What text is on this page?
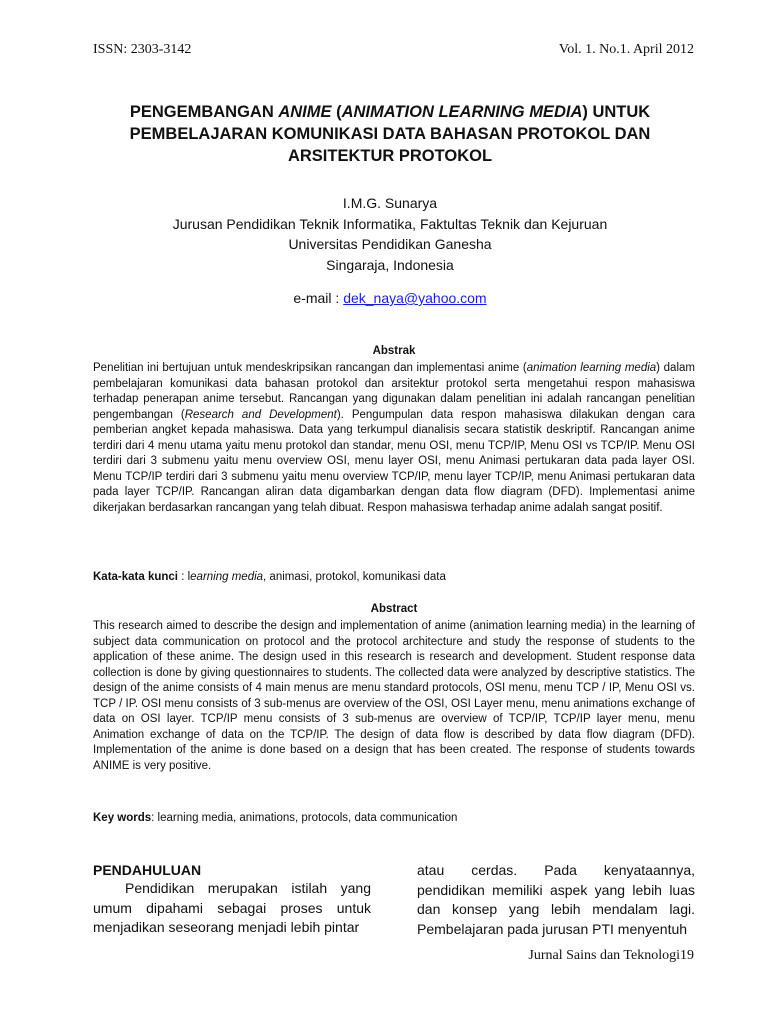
ISSN: 2303-3142	Vol. 1. No.1. April 2012
PENGEMBANGAN ANIME (ANIMATION LEARNING MEDIA) UNTUK PEMBELAJARAN KOMUNIKASI DATA BAHASAN PROTOKOL DAN ARSITEKTUR PROTOKOL
I.M.G. Sunarya
Jurusan Pendidikan Teknik Informatika, Faktultas Teknik dan Kejuruan
Universitas Pendidikan Ganesha
Singaraja, Indonesia
e-mail : dek_naya@yahoo.com
Abstrak
Penelitian ini bertujuan untuk mendeskripsikan rancangan dan implementasi anime (animation learning media) dalam pembelajaran komunikasi data bahasan protokol dan arsitektur protokol serta mengetahui respon mahasiswa terhadap penerapan anime tersebut. Rancangan yang digunakan dalam penelitian ini adalah rancangan penelitian pengembangan (Research and Development). Pengumpulan data respon mahasiswa dilakukan dengan cara pemberian angket kepada mahasiswa. Data yang terkumpul dianalisis secara statistik deskriptif. Rancangan anime terdiri dari 4 menu utama yaitu menu protokol dan standar, menu OSI, menu TCP/IP, Menu OSI vs TCP/IP. Menu OSI terdiri dari 3 submenu yaitu menu overview OSI, menu layer OSI, menu Animasi pertukaran data pada layer OSI. Menu TCP/IP terdiri dari 3 submenu yaitu menu overview TCP/IP, menu layer TCP/IP, menu Animasi pertukaran data pada layer TCP/IP. Rancangan aliran data digambarkan dengan data flow diagram (DFD). Implementasi anime dikerjakan berdasarkan rancangan yang telah dibuat. Respon mahasiswa terhadap anime adalah sangat positif.
Kata-kata kunci : learning media, animasi, protokol, komunikasi data
Abstract
This research aimed to describe the design and implementation of anime (animation learning media) in the learning of subject data communication on protocol and the protocol architecture and study the response of students to the application of these anime. The design used in this research is research and development. Student response data collection is done by giving questionnaires to students. The collected data were analyzed by descriptive statistics. The design of the anime consists of 4 main menus are menu standard protocols, OSI menu, menu TCP / IP, Menu OSI vs. TCP / IP. OSI menu consists of 3 sub-menus are overview of the OSI, OSI Layer menu, menu animations exchange of data on OSI layer. TCP/IP menu consists of 3 sub-menus are overview of TCP/IP, TCP/IP layer menu, menu Animation exchange of data on the TCP/IP. The design of data flow is described by data flow diagram (DFD). Implementation of the anime is done based on a design that has been created. The response of students towards ANIME is very positive.
Key words: learning media, animations, protocols, data communication
PENDAHULUAN
Pendidikan merupakan istilah yang umum dipahami sebagai proses untuk menjadikan seseorang menjadi lebih pintar
atau cerdas. Pada kenyataannya, pendidikan memiliki aspek yang lebih luas dan konsep yang lebih mendalam lagi. Pembelajaran pada jurusan PTI menyentuh
Jurnal Sains dan Teknologi19
